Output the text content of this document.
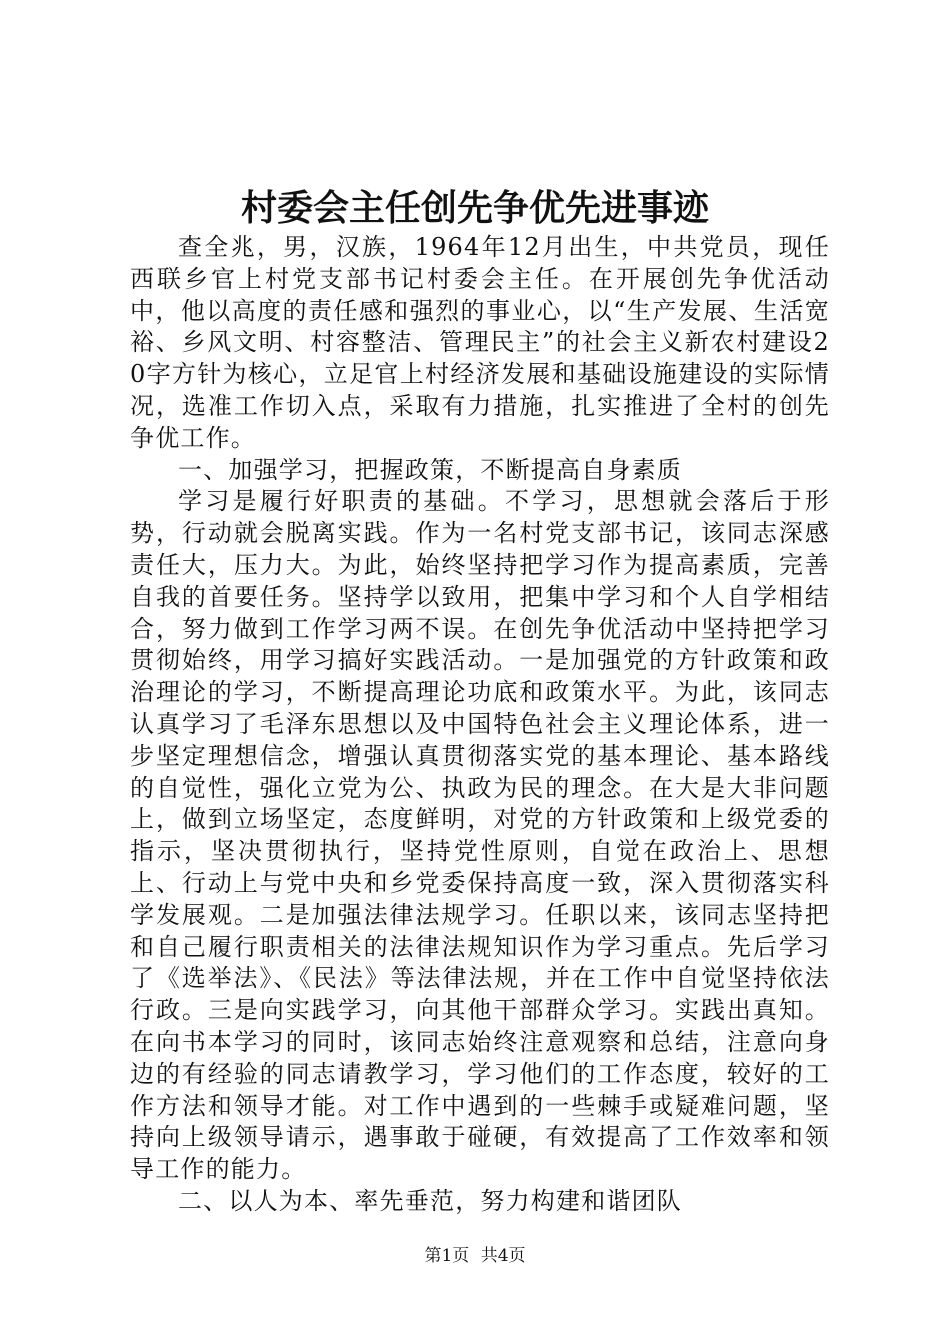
村委会主任创先争优先进事迹

查全兆，男，汉族，1964年12月出生，中共党员，现任西联乡官上村党支部书记村委会主任。在开展创先争优活动中，他以高度的责任感和强烈的事业心，以“生产发展、生活宽裕、乡风文明、村容整洁、管理民主”的社会主义新农村建设20字方针为核心，立足官上村经济发展和基础设施建设的实际情况，选准工作切入点，采取有力措施，扎实推进了全村的创先争优工作。

一、加强学习，把握政策，不断提高自身素质

学习是履行好职责的基础。不学习，思想就会落后于形势，行动就会脱离实践。作为一名村党支部书记，该同志深感责任大，压力大。为此，始终坚持把学习作为提高素质，完善自我的首要任务。坚持学以致用，把集中学习和个人自学相结合，努力做到工作学习两不误。在创先争优活动中坚持把学习贯彻始终，用学习搞好实践活动。一是加强党的方针政策和政治理论的学习，不断提高理论功底和政策水平。为此，该同志认真学习了毛泽东思想以及中国特色社会主义理论体系，进一步坚定理想信念，增强认真贯彻落实党的基本理论、基本路线的自觉性，强化立党为公、执政为民的理念。在大是大非问题上，做到立场坚定，态度鲜明，对党的方针政策和上级党委的指示，坚决贯彻执行，坚持党性原则，自觉在政治上、思想上、行动上与党中央和乡党委保持高度一致，深入贯彻落实科学发展观。二是加强法律法规学习。任职以来，该同志坚持把和自己履行职责相关的法律法规知识作为学习重点。先后学习了《选举法》、《民法》等法律法规，并在工作中自觉坚持依法行政。三是向实践学习，向其他干部群众学习。实践出真知。在向书本学习的同时，该同志始终注意观察和总结，注意向身边的有经验的同志请教学习，学习他们的工作态度，较好的工作方法和领导才能。对工作中遇到的一些棘手或疑难问题，坚持向上级领导请示，遇事敢于碰硬，有效提高了工作效率和领导工作的能力。

二、以人为本、率先垂范，努力构建和谐团队

第1页 共4页
